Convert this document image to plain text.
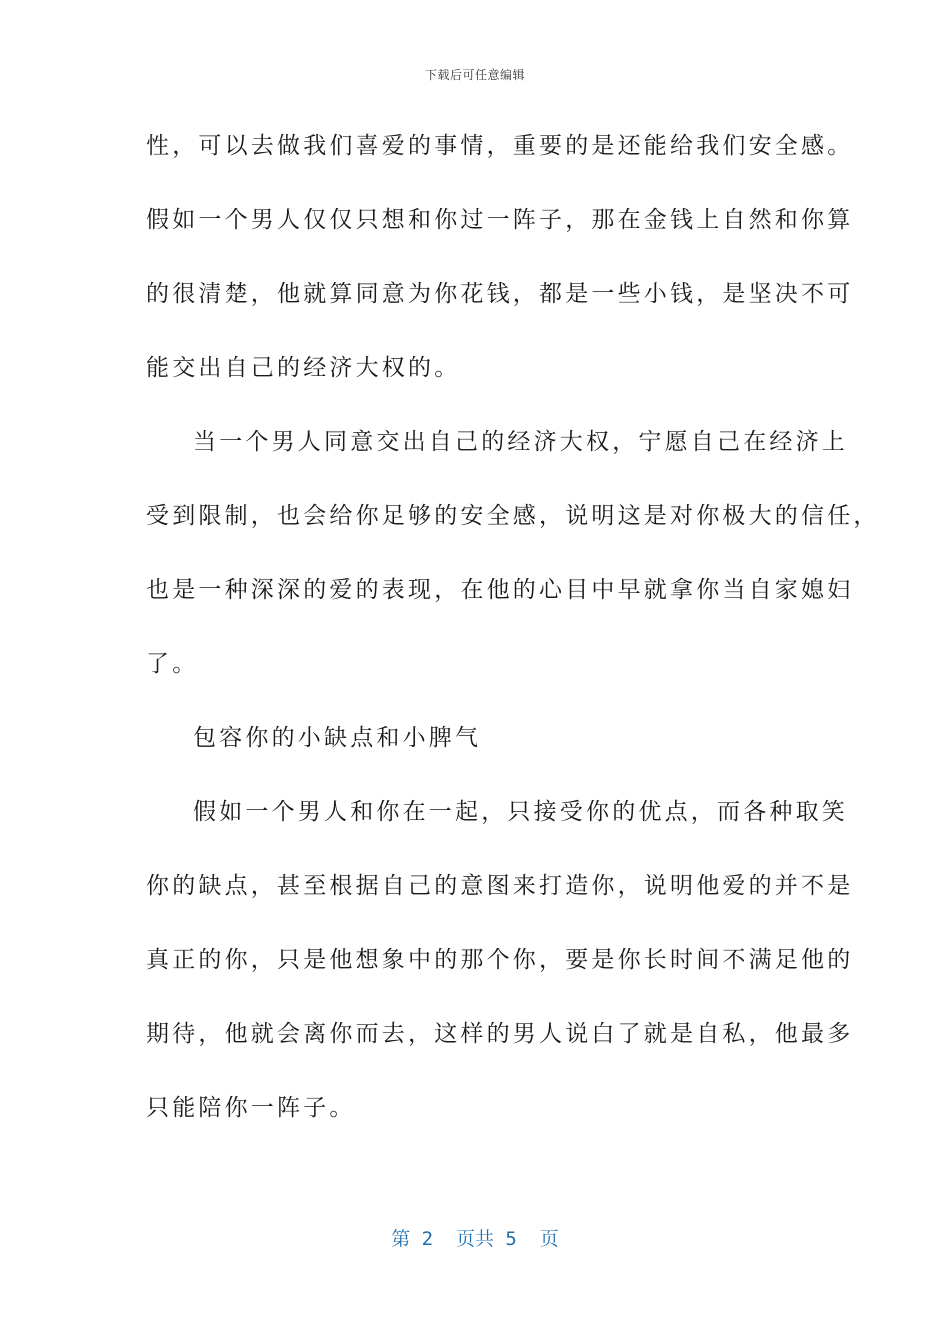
下载后可任意编辑
性，可以去做我们喜爱的事情，重要的是还能给我们安全感。
假如一个男人仅仅只想和你过一阵子，那在金钱上自然和你算
的很清楚，他就算同意为你花钱，都是一些小钱，是坚决不可
能交出自己的经济大权的。
当一个男人同意交出自己的经济大权，宁愿自己在经济上
受到限制，也会给你足够的安全感，说明这是对你极大的信任，
也是一种深深的爱的表现，在他的心目中早就拿你当自家媳妇
了。
包容你的小缺点和小脾气
假如一个男人和你在一起，只接受你的优点，而各种取笑
你的缺点，甚至根据自己的意图来打造你，说明他爱的并不是
真正的你，只是他想象中的那个你，要是你长时间不满足他的
期待，他就会离你而去，这样的男人说白了就是自私，他最多
只能陪你一阵子。
第 2  页共 5  页
